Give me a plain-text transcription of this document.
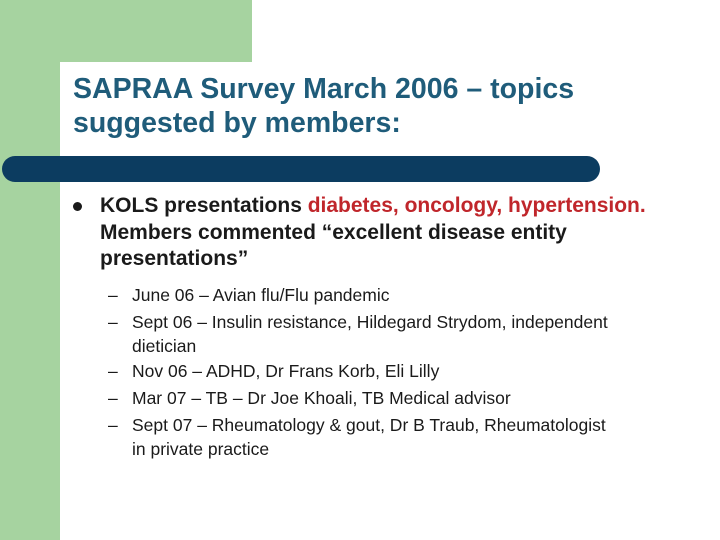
SAPRAA Survey March 2006 – topics suggested by members:
KOLS presentations diabetes, oncology, hypertension. Members commented “excellent disease entity presentations”
– June 06 – Avian flu/Flu pandemic
– Sept 06 – Insulin resistance, Hildegard Strydom, independent dietician
– Nov 06 – ADHD, Dr Frans Korb, Eli Lilly
– Mar 07 – TB – Dr Joe Khoali, TB Medical advisor
– Sept 07 – Rheumatology & gout, Dr B Traub, Rheumatologist in private practice
